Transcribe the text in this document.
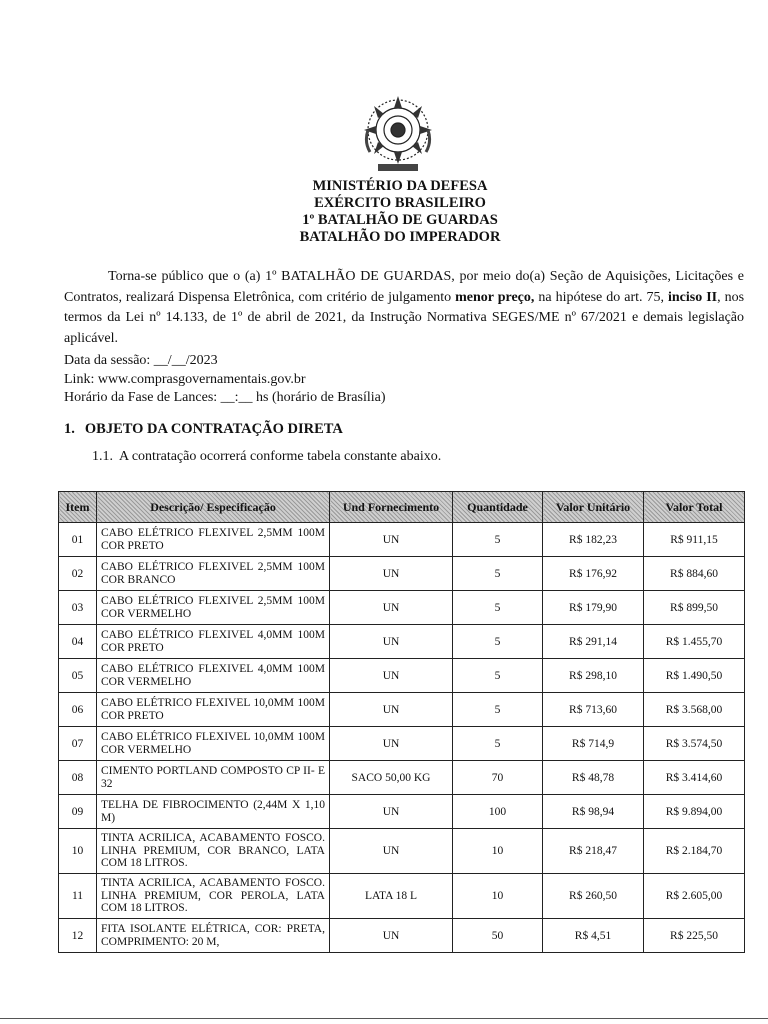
MINISTÉRIO DA DEFESA
EXÉRCITO BRASILEIRO
1º BATALHÃO DE GUARDAS
BATALHÃO DO IMPERADOR
Torna-se público que o (a) 1º BATALHÃO DE GUARDAS, por meio do(a) Seção de Aquisições, Licitações e Contratos, realizará Dispensa Eletrônica, com critério de julgamento menor preço, na hipótese do art. 75, inciso II, nos termos da Lei nº 14.133, de 1º de abril de 2021, da Instrução Normativa SEGES/ME nº 67/2021 e demais legislação aplicável.
Data da sessão: __/__/2023
Link: www.comprasgovernamentais.gov.br
Horário da Fase de Lances: __:__ hs (horário de Brasília)
1. OBJETO DA CONTRATAÇÃO DIRETA
1.1. A contratação ocorrerá conforme tabela constante abaixo.
Item	Descrição/ Especificação	Und Fornecimento	Quantidade	Valor Unitário	Valor Total
01	CABO ELÉTRICO FLEXIVEL 2,5MM 100M COR PRETO	UN	5	R$ 182,23	R$ 911,15
02	CABO ELÉTRICO FLEXIVEL 2,5MM 100M COR BRANCO	UN	5	R$ 176,92	R$ 884,60
03	CABO ELÉTRICO FLEXIVEL 2,5MM 100M COR VERMELHO	UN	5	R$ 179,90	R$ 899,50
04	CABO ELÉTRICO FLEXIVEL 4,0MM 100M COR PRETO	UN	5	R$ 291,14	R$ 1.455,70
05	CABO ELÉTRICO FLEXIVEL 4,0MM 100M COR VERMELHO	UN	5	R$ 298,10	R$ 1.490,50
06	CABO ELÉTRICO FLEXIVEL 10,0MM 100M COR PRETO	UN	5	R$ 713,60	R$ 3.568,00
07	CABO ELÉTRICO FLEXIVEL 10,0MM 100M COR VERMELHO	UN	5	R$ 714,9	R$ 3.574,50
08	CIMENTO PORTLAND COMPOSTO CP II- E 32	SACO 50,00 KG	70	R$ 48,78	R$ 3.414,60
09	TELHA DE FIBROCIMENTO (2,44M X 1,10 M)	UN	100	R$ 98,94	R$ 9.894,00
10	TINTA ACRILICA, ACABAMENTO FOSCO. LINHA PREMIUM, COR BRANCO, LATA COM 18 LITROS.	UN	10	R$ 218,47	R$ 2.184,70
11	TINTA ACRILICA, ACABAMENTO FOSCO. LINHA PREMIUM, COR PEROLA, LATA COM 18 LITROS.	LATA 18 L	10	R$ 260,50	R$ 2.605,00
12	FITA ISOLANTE ELÉTRICA, COR: PRETA, COMPRIMENTO: 20 M,	UN	50	R$ 4,51	R$ 225,50
